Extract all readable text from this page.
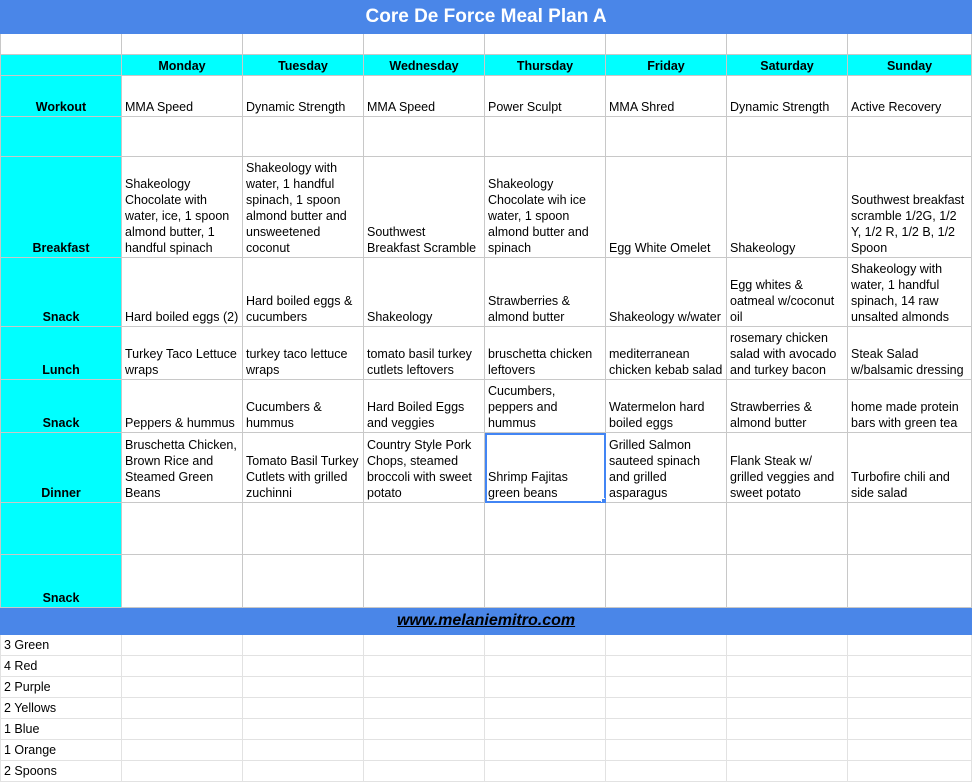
Core De Force Meal Plan A							

	Monday	Tuesday	Wednesday	Thursday	Friday	Saturday	Sunday
Workout	MMA Speed	Dynamic Strength	MMA Speed	Power Sculpt	MMA Shred	Dynamic Strength	Active Recovery

Breakfast	Shakeology Chocolate with water, ice, 1 spoon almond butter, 1 handful spinach	Shakeology with water, 1 handful spinach, 1 spoon almond butter and unsweetened coconut	Southwest Breakfast Scramble	Shakeology Chocolate wih ice water, 1 spoon almond butter and spinach	Egg White Omelet	Shakeology	Southwest breakfast scramble 1/2G, 1/2 Y, 1/2 R, 1/2 B, 1/2 Spoon
Snack	Hard boiled eggs (2)	Hard boiled eggs & cucumbers	Shakeology	Strawberries & almond butter	Shakeology w/water	Egg whites & oatmeal w/coconut oil	Shakeology with water, 1 handful spinach, 14 raw unsalted almonds
Lunch	Turkey Taco Lettuce wraps	turkey taco lettuce wraps	tomato basil turkey cutlets leftovers	bruschetta chicken leftovers	mediterranean chicken kebab salad	rosemary chicken salad with avocado and turkey bacon	Steak Salad w/balsamic dressing
Snack	Peppers & hummus	Cucumbers & hummus	Hard Boiled Eggs and veggies	Cucumbers, peppers and hummus	Watermelon hard boiled eggs	Strawberries & almond butter	home made protein bars with green tea
Dinner	Bruschetta Chicken, Brown Rice and Steamed Green Beans	Tomato Basil Turkey Cutlets with grilled zuchinni	Country Style Pork Chops, steamed broccoli with sweet potato	Shrimp Fajitas green beans	Grilled Salmon sauteed spinach and grilled asparagus	Flank Steak w/ grilled veggies and sweet potato	Turbofire chili and side salad

Snack							
www.melaniemitro.com							
3 Green							
4 Red							
2 Purple							
2 Yellows							
1 Blue							
1 Orange							
2 Spoons							
